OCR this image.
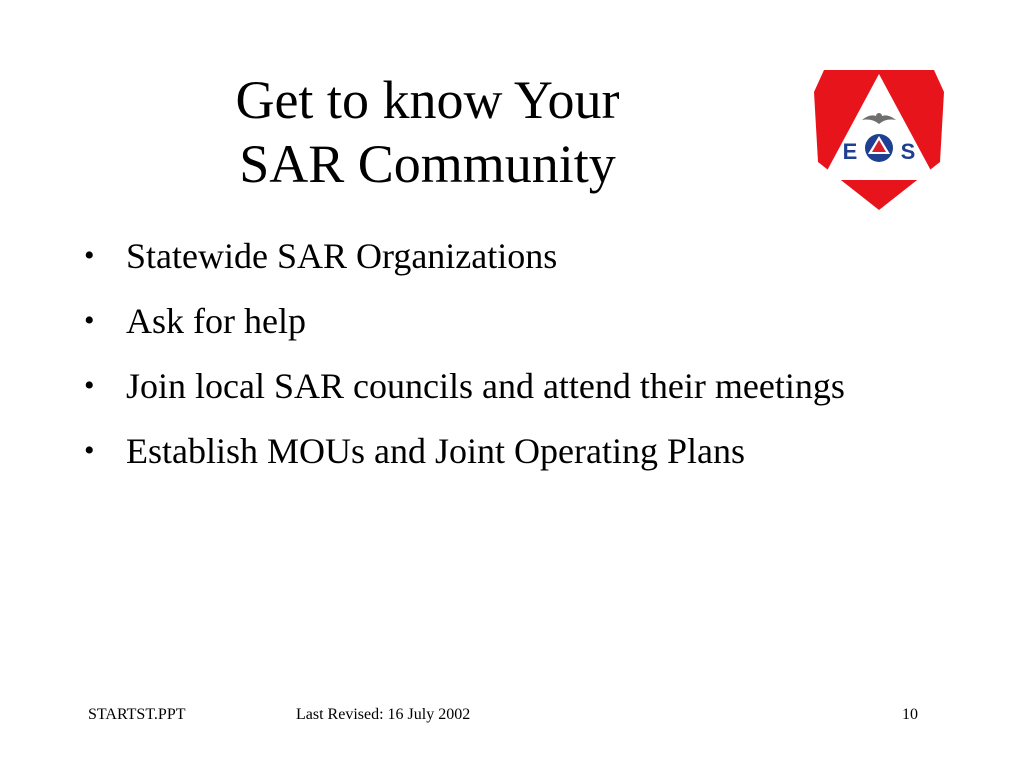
Get to know Your
SAR Community	E S
• Statewide SAR Organizations
• Ask for help
• Join local SAR councils and attend their meetings
• Establish MOUs and Joint Operating Plans
STARTST.PPT	Last Revised: 16 July 2002	10
